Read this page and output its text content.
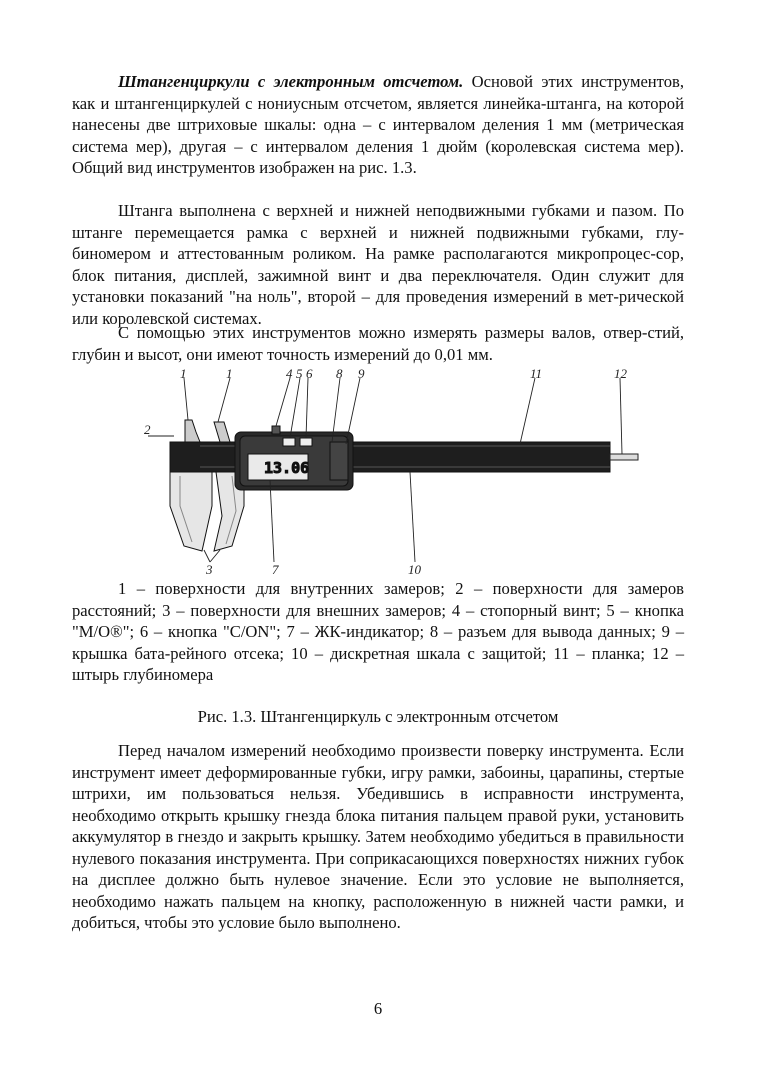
Штангенциркули с электронным отсчетом. Основой этих инструментов, как и штангенциркулей с нониусным отсчетом, является линейка-штанга, на которой нанесены две штриховые шкалы: одна – с интервалом деления 1 мм (метрическая система мер), другая – с интервалом деления 1 дюйм (королевская система мер). Общий вид инструментов изображен на рис. 1.3.

Штанга выполнена с верхней и нижней неподвижными губками и пазом. По штанге перемещается рамка с верхней и нижней подвижными губками, глу-биномером и аттестованным роликом. На рамке располагаются микропроцес-сор, блок питания, дисплей, зажимной винт и два переключателя. Один служит для установки показаний "на ноль", второй – для проведения измерений в мет-рической или королевской системах.

С помощью этих инструментов можно измерять размеры валов, отвер-стий, глубин и высот, они имеют точность измерений до 0,01 мм.

13.06
1	1
2
3
4 5 6
7
8 9
10
11	12

1 – поверхности для внутренних замеров; 2 – поверхности для замеров расстояний; 3 – поверхности для внешних замеров; 4 – стопорный винт; 5 – кнопка "M/O®"; 6 – кнопка "C/ON"; 7 – ЖК-индикатор; 8 – разъем для вывода данных; 9 – крышка бата-рейного отсека; 10 – дискретная шкала с защитой; 11 – планка; 12 – штырь глубиномера

Рис. 1.3. Штангенциркуль с электронным отсчетом

Перед началом измерений необходимо произвести поверку инструмента. Если инструмент имеет деформированные губки, игру рамки, забоины, царапины, стертые штрихи, им пользоваться нельзя. Убедившись в исправности инструмента, необходимо открыть крышку гнезда блока питания пальцем правой руки, установить аккумулятор в гнездо и закрыть крышку. Затем необходимо убедиться в правильности нулевого показания инструмента. При соприкасающихся поверхностях нижних губок на дисплее должно быть нулевое значение. Если это условие не выполняется, необходимо нажать пальцем на кнопку, расположенную в нижней части рамки, и добиться, чтобы это условие было выполнено.

6
